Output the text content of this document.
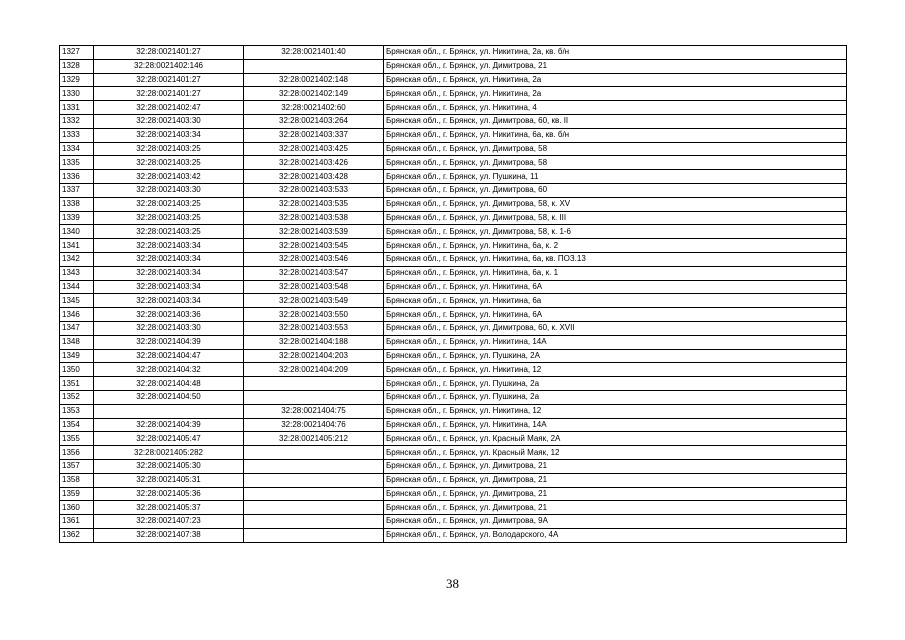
1327	32:28:0021401:27	32:28:0021401:40	Брянская обл., г. Брянск, ул. Никитина, 2а, кв. б/н
1328	32:28:0021402:146		Брянская обл., г. Брянск, ул. Димитрова, 21
1329	32:28:0021401:27	32:28:0021402:148	Брянская обл., г. Брянск, ул. Никитина, 2а
1330	32:28:0021401:27	32:28:0021402:149	Брянская обл., г. Брянск, ул. Никитина, 2а
1331	32:28:0021402:47	32:28:0021402:60	Брянская обл., г. Брянск, ул. Никитина, 4
1332	32:28:0021403:30	32:28:0021403:264	Брянская обл., г. Брянск, ул. Димитрова, 60, кв. II
1333	32:28:0021403:34	32:28:0021403:337	Брянская обл., г. Брянск, ул. Никитина, 6а, кв. б/н
1334	32:28:0021403:25	32:28:0021403:425	Брянская обл., г. Брянск, ул. Димитрова, 58
1335	32:28:0021403:25	32:28:0021403:426	Брянская обл., г. Брянск, ул. Димитрова, 58
1336	32:28:0021403:42	32:28:0021403:428	Брянская обл., г. Брянск, ул. Пушкина, 11
1337	32:28:0021403:30	32:28:0021403:533	Брянская обл., г. Брянск, ул. Димитрова, 60
1338	32:28:0021403:25	32:28:0021403:535	Брянская обл., г. Брянск, ул. Димитрова, 58, к. XV
1339	32:28:0021403:25	32:28:0021403:538	Брянская обл., г. Брянск, ул. Димитрова, 58, к. III
1340	32:28:0021403:25	32:28:0021403:539	Брянская обл., г. Брянск, ул. Димитрова, 58, к. 1-6
1341	32:28:0021403:34	32:28:0021403:545	Брянская обл., г. Брянск, ул. Никитина, 6а, к. 2
1342	32:28:0021403:34	32:28:0021403:546	Брянская обл., г. Брянск, ул. Никитина, 6а, кв. ПОЗ.13
1343	32:28:0021403:34	32:28:0021403:547	Брянская обл., г. Брянск, ул. Никитина, 6а, к. 1
1344	32:28:0021403:34	32:28:0021403:548	Брянская обл., г. Брянск, ул. Никитина, 6А
1345	32:28:0021403:34	32:28:0021403:549	Брянская обл., г. Брянск, ул. Никитина, 6а
1346	32:28:0021403:36	32:28:0021403:550	Брянская обл., г. Брянск, ул. Никитина, 6А
1347	32:28:0021403:30	32:28:0021403:553	Брянская обл., г. Брянск, ул. Димитрова, 60, к. XVII
1348	32:28:0021404:39	32:28:0021404:188	Брянская обл., г. Брянск, ул. Никитина, 14А
1349	32:28:0021404:47	32:28:0021404:203	Брянская обл., г. Брянск, ул. Пушкина, 2А
1350	32:28:0021404:32	32:28:0021404:209	Брянская обл., г. Брянск, ул. Никитина, 12
1351	32:28:0021404:48		Брянская обл., г. Брянск, ул. Пушкина, 2а
1352	32:28:0021404:50		Брянская обл., г. Брянск, ул. Пушкина, 2а
1353		32:28:0021404:75	Брянская обл., г. Брянск, ул. Никитина, 12
1354	32:28:0021404:39	32:28:0021404:76	Брянская обл., г. Брянск, ул. Никитина, 14А
1355	32:28:0021405:47	32:28:0021405:212	Брянская обл., г. Брянск, ул. Красный Маяк, 2А
1356	32:28:0021405:282		Брянская обл., г. Брянск, ул. Красный Маяк, 12
1357	32:28:0021405:30		Брянская обл., г. Брянск, ул. Димитрова, 21
1358	32:28:0021405:31		Брянская обл., г. Брянск, ул. Димитрова, 21
1359	32:28:0021405:36		Брянская обл., г. Брянск, ул. Димитрова, 21
1360	32:28:0021405:37		Брянская обл., г. Брянск, ул. Димитрова, 21
1361	32:28:0021407:23		Брянская обл., г. Брянск, ул. Димитрова, 9А
1362	32:28:0021407:38		Брянская обл., г. Брянск, ул. Володарского, 4А
38
